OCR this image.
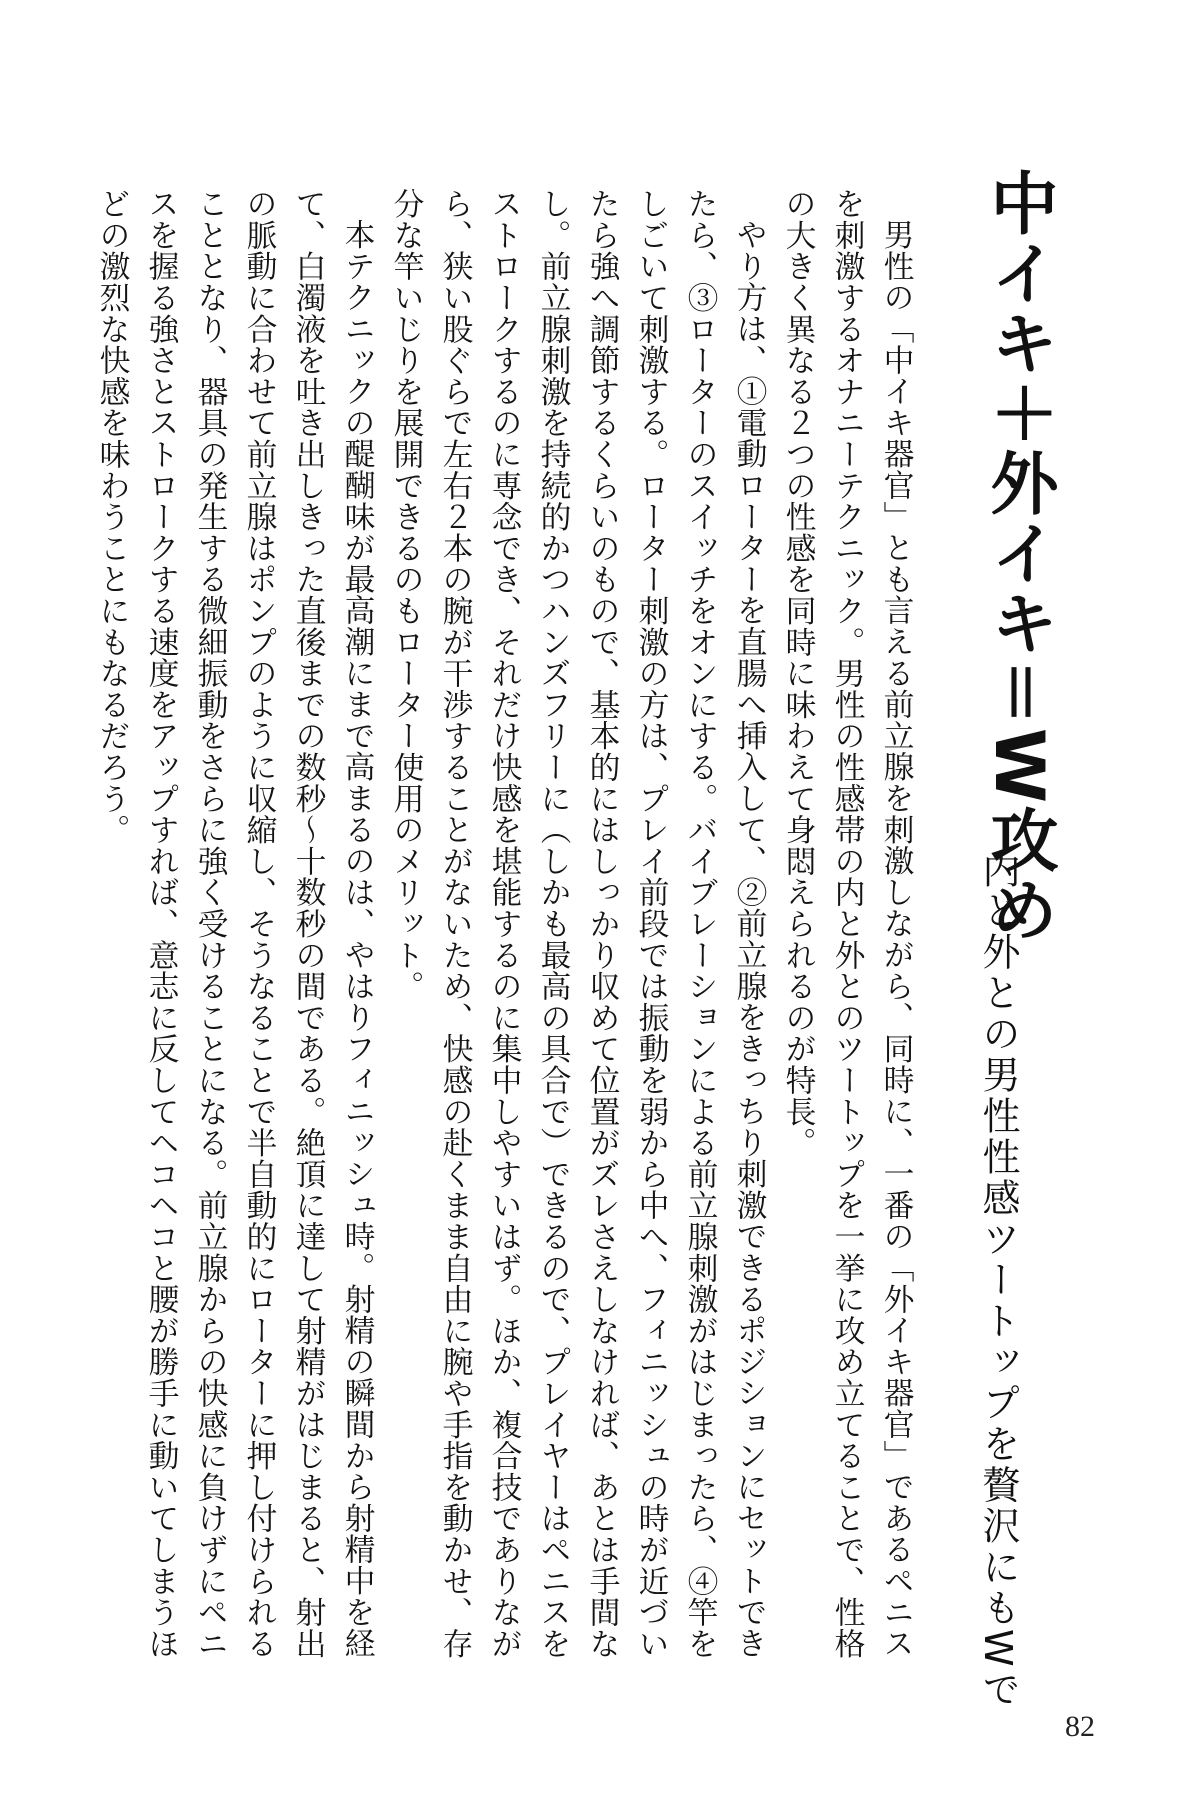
中イキ＋外イキ＝W攻め
内と外との男性性感ツートップを贅沢にもWで

男性の「中イキ器官」とも言える前立腺を刺激しながら、同時に、一番の「外イキ器官」であるペニスを刺激するオナニーテクニック。男性の性感帯の内と外とのツートップを一挙に攻め立てることで、性格の大きく異なる２つの性感を同時に味わえて身悶えられるのが特長。

やり方は、①電動ローターを直腸へ挿入して、②前立腺をきっちり刺激できるポジションにセットできたら、③ローターのスイッチをオンにする。バイブレーションによる前立腺刺激がはじまったら、④竿をしごいて刺激する。ローター刺激の方は、プレイ前段では振動を弱から中へ、フィニッシュの時が近づいたら強へ調節するくらいのもので、基本的にはしっかり収めて位置がズレさえしなければ、あとは手間なし。前立腺刺激を持続的かつハンズフリーに（しかも最高の具合で）できるので、プレイヤーはペニスをストロークするのに専念でき、それだけ快感を堪能するのに集中しやすいはず。ほか、複合技でありながら、狭い股ぐらで左右２本の腕が干渉することがないため、快感の赴くまま自由に腕や手指を動かせ、存分な竿いじりを展開できるのもローター使用のメリット。

本テクニックの醍醐味が最高潮にまで高まるのは、やはりフィニッシュ時。射精の瞬間から射精中を経て、白濁液を吐き出しきった直後までの数秒～十数秒の間である。絶頂に達して射精がはじまると、射出の脈動に合わせて前立腺はポンプのように収縮し、そうなることで半自動的にローターに押し付けられることとなり、器具の発生する微細振動をさらに強く受けることになる。前立腺からの快感に負けずにペニスを握る強さとストロークする速度をアップすれば、意志に反してヘコヘコと腰が勝手に動いてしまうほどの激烈な快感を味わうことにもなるだろう。

82
